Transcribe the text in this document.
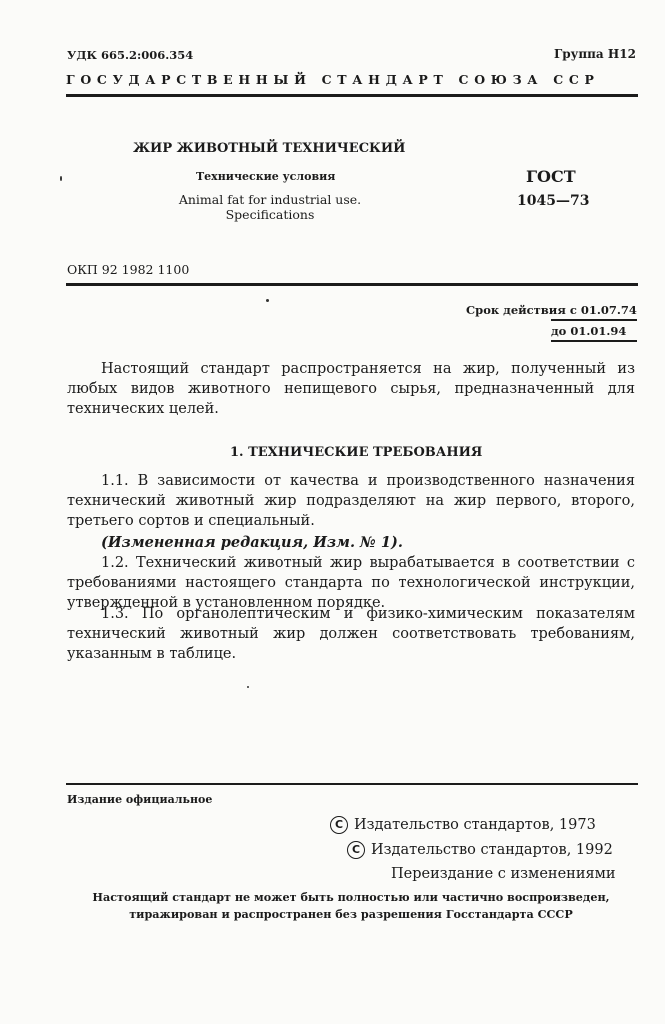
УДК 665.2:006.354	Группа Н12
ГОСУДАРСТВЕННЫЙ СТАНДАРТ СОЮЗА ССР
ЖИР ЖИВОТНЫЙ ТЕХНИЧЕСКИЙ
Технические условия
Animal fat for industrial use.
Specifications
ГОСТ
1045—73
ОКП 92 1982 1100
Срок действия с 01.07.74
до 01.01.94
Настоящий стандарт распространяется на жир, полученный из любых видов животного непищевого сырья, предназначенный для технических целей.
1. ТЕХНИЧЕСКИЕ ТРЕБОВАНИЯ
1.1. В зависимости от качества и производственного назначения технический животный жир подразделяют на жир первого, второго, третьего сортов и специальный.
(Измененная редакция, Изм. № 1).
1.2. Технический животный жир вырабатывается в соответствии с требованиями настоящего стандарта по технологической инструкции, утвержденной в установленном порядке.
1.3. По органолептическим и физико-химическим показателям технический животный жир должен соответствовать требованиям, указанным в таблице.
Издание официальное
С Издательство стандартов, 1973
С Издательство стандартов, 1992
Переиздание с изменениями
Настоящий стандарт не может быть полностью или частично воспроизведен,
тиражирован и распространен без разрешения Госстандарта СССР
